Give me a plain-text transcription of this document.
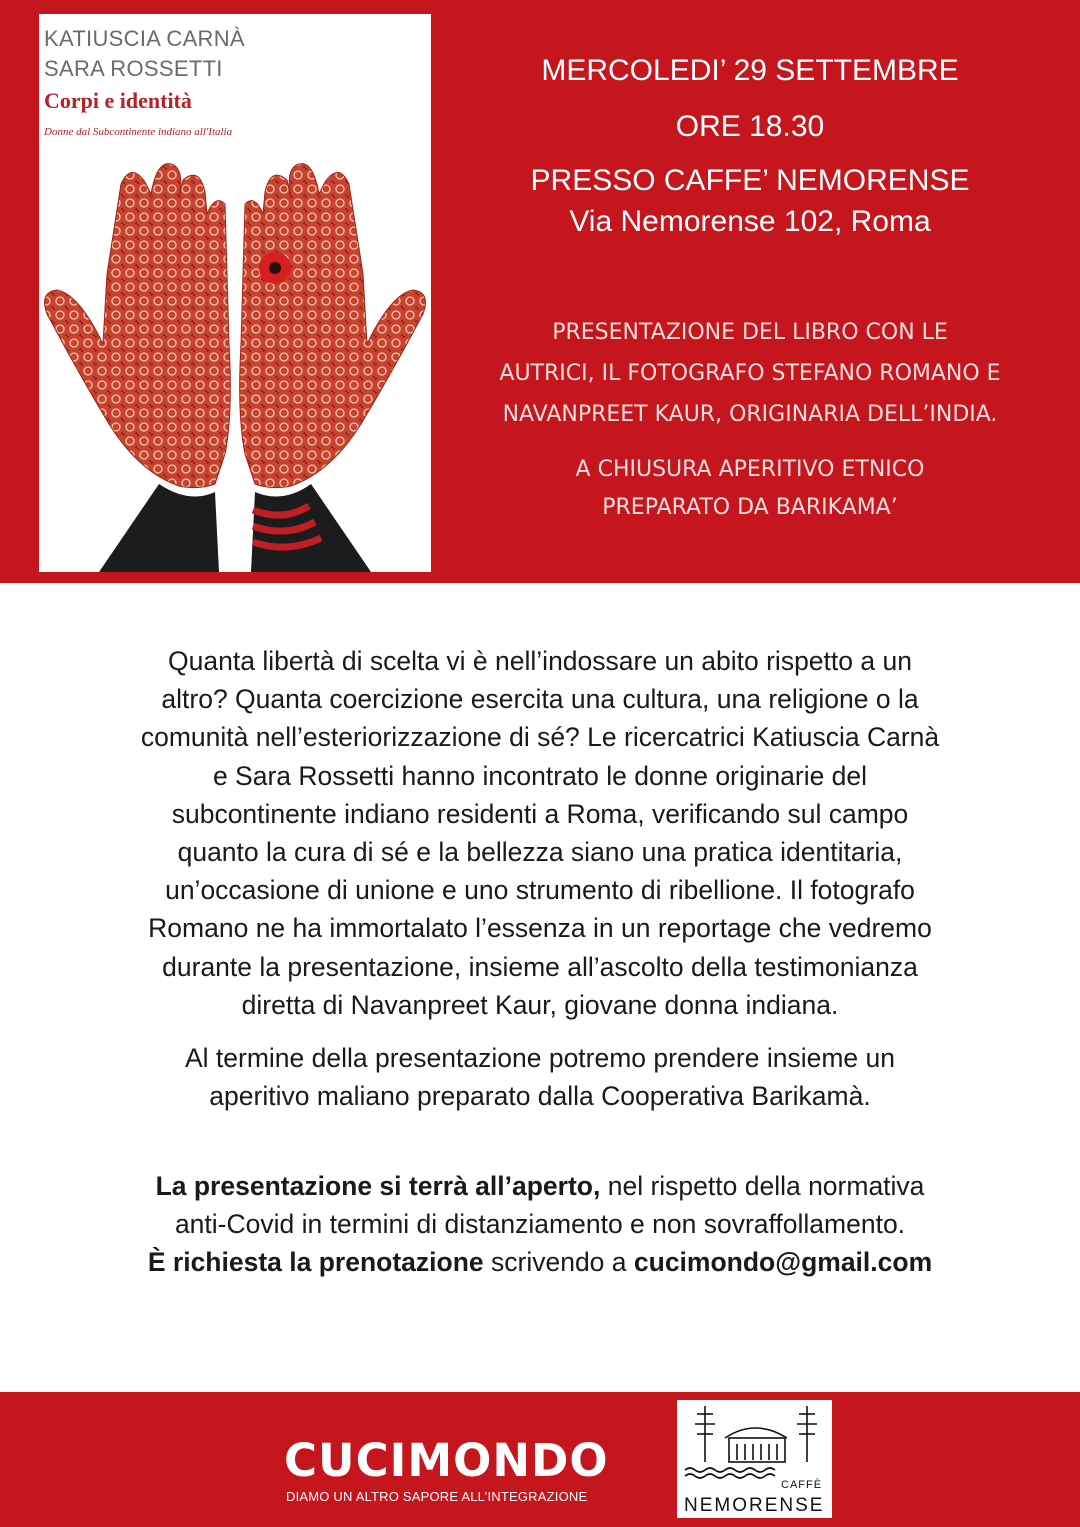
KATIUSCIA CARNÀ
SARA ROSSETTI
Corpi e identità
Donne dal Subcontinente indiano all'Italia
MERCOLEDI’ 29 SETTEMBRE
ORE 18.30
PRESSO CAFFE’ NEMORENSE
Via Nemorense 102, Roma
PRESENTAZIONE DEL LIBRO CON LE
AUTRICI, IL FOTOGRAFO STEFANO ROMANO E
NAVANPREET KAUR, ORIGINARIA DELL’INDIA.
A CHIUSURA APERITIVO ETNICO
PREPARATO DA BARIKAMA’

Quanta libertà di scelta vi è nell’indossare un abito rispetto a un
altro? Quanta coercizione esercita una cultura, una religione o la
comunità nell’esteriorizzazione di sé? Le ricercatrici Katiuscia Carnà
e Sara Rossetti hanno incontrato le donne originarie del
subcontinente indiano residenti a Roma, verificando sul campo
quanto la cura di sé e la bellezza siano una pratica identitaria,
un’occasione di unione e uno strumento di ribellione. Il fotografo
Romano ne ha immortalato l’essenza in un reportage che vedremo
durante la presentazione, insieme all’ascolto della testimonianza
diretta di Navanpreet Kaur, giovane donna indiana.

Al termine della presentazione potremo prendere insieme un
aperitivo maliano preparato dalla Cooperativa Barikamà.

La presentazione si terrà all’aperto, nel rispetto della normativa
anti-Covid in termini di distanziamento e non sovraffollamento.
È richiesta la prenotazione scrivendo a cucimondo@gmail.com

CUCIMONDO
DIAMO UN ALTRO SAPORE ALL’INTEGRAZIONE
CAFFÈ
NEMORENSE
